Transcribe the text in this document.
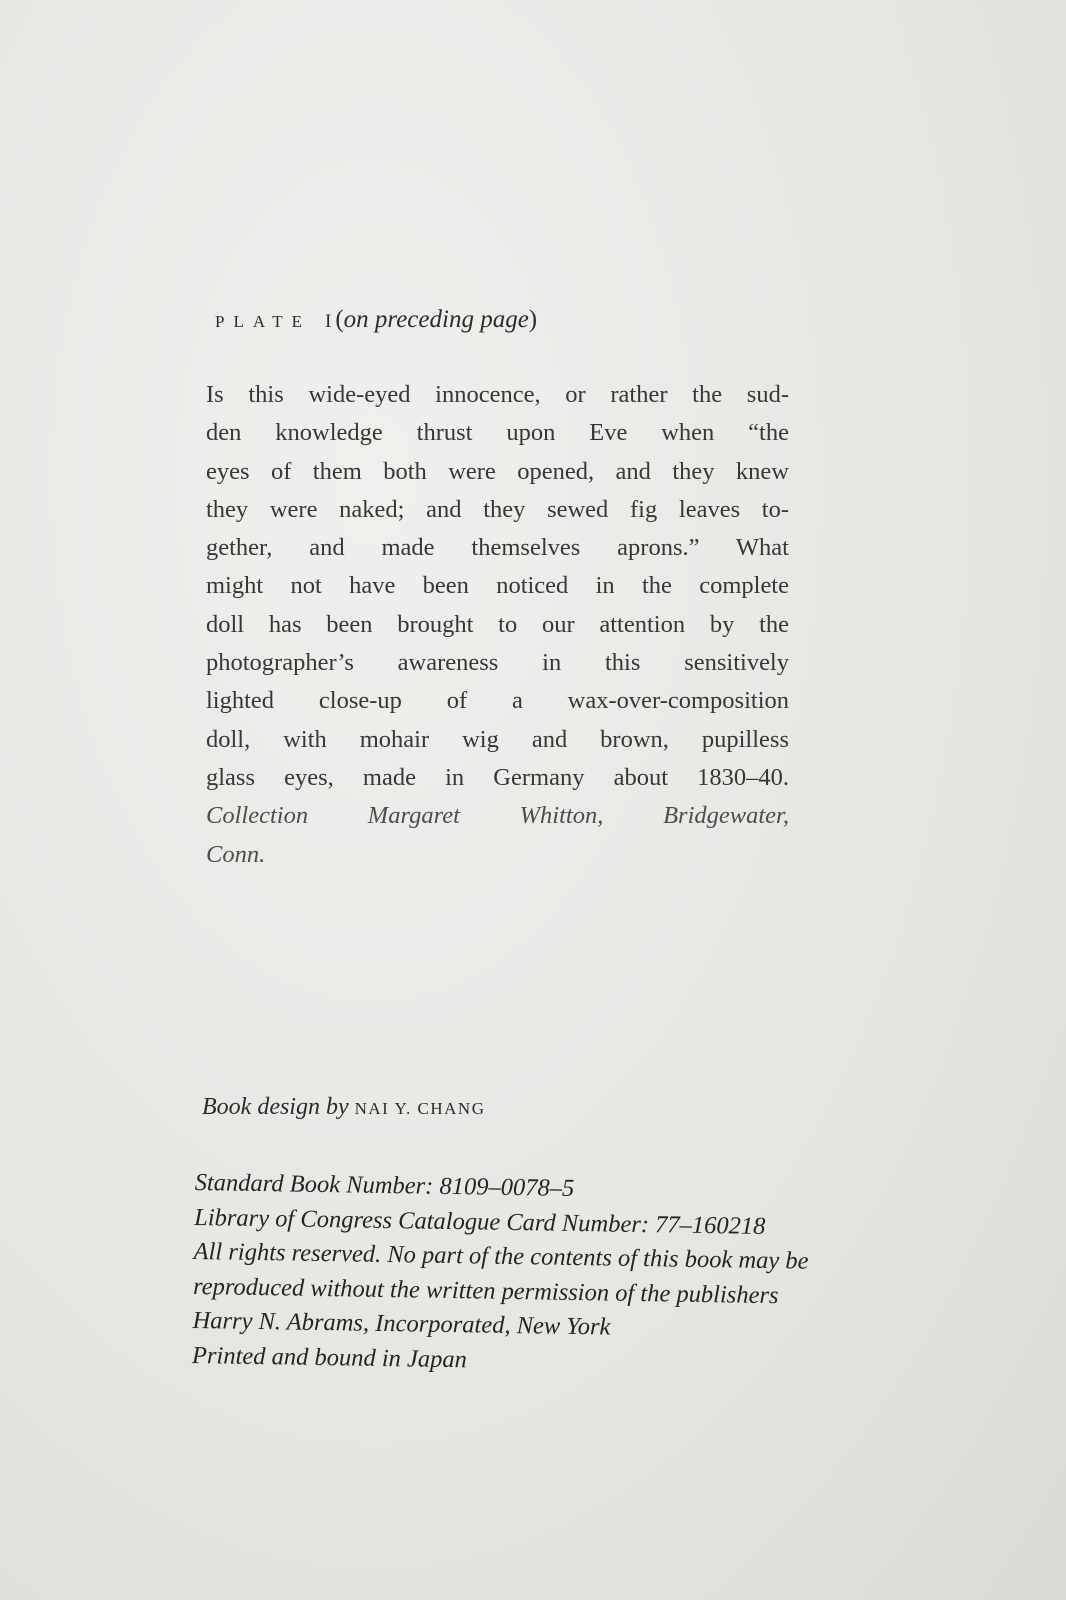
PLATE I (on preceding page)
Is this wide-eyed innocence, or rather the sud-
den knowledge thrust upon Eve when “the
eyes of them both were opened, and they knew
they were naked; and they sewed fig leaves to-
gether, and made themselves aprons.” What
might not have been noticed in the complete
doll has been brought to our attention by the
photographer’s awareness in this sensitively
lighted close-up of a wax-over-composition
doll, with mohair wig and brown, pupilless
glass eyes, made in Germany about 1830–40.
Collection Margaret Whitton, Bridgewater,
Conn.
Book design by NAI Y. CHANG
Standard Book Number: 8109–0078–5
Library of Congress Catalogue Card Number: 77–160218
All rights reserved. No part of the contents of this book may be
reproduced without the written permission of the publishers
Harry N. Abrams, Incorporated, New York
Printed and bound in Japan
